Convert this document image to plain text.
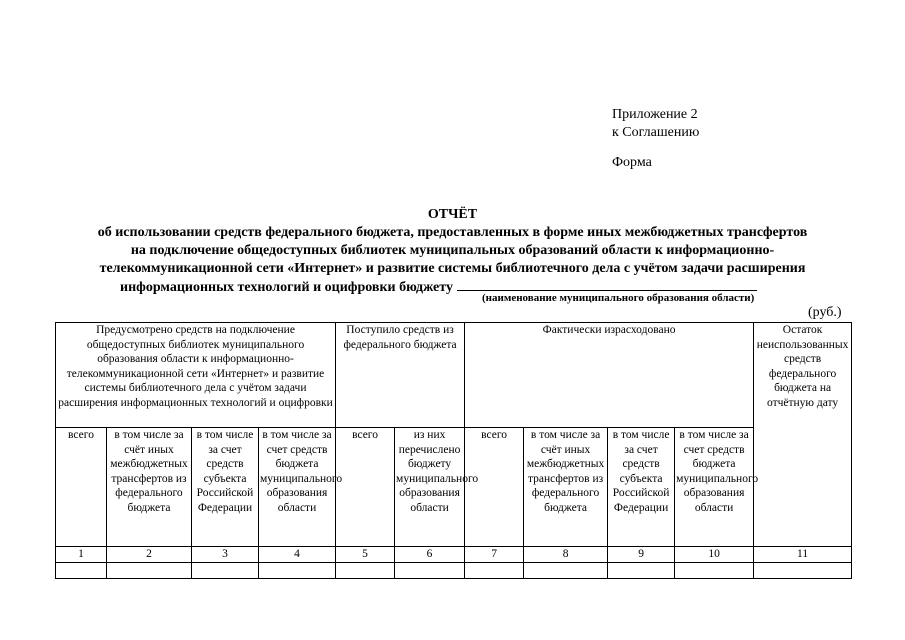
Приложение 2
к Соглашению
Форма
ОТЧЁТ
об использовании средств федерального бюджета, предоставленных в форме иных межбюджетных трансфертов
на подключение общедоступных библиотек муниципальных образований области к информационно-
телекоммуникационной сети «Интернет» и развитие системы библиотечного дела с учётом задачи расширения
информационных технологий и оцифровки бюджету
(наименование муниципального образования области)
(руб.)
Предусмотрено средств на подключение общедоступных библиотек муниципального образования области к информационно-телекоммуникационной сети «Интернет» и развитие системы библиотечного дела с учётом задачи расширения информационных технологий и оцифровки				Поступило средств из федерального бюджета		Фактически израсходовано				Остаток неиспользованных средств федерального бюджета на отчётную дату
всего	в том числе за счёт иных межбюджетных трансфертов из федерального бюджета	в том числе за счет средств субъекта Российской Федерации	в том числе за счет средств бюджета муниципального образования области	всего	из них перечислено бюджету муниципального образования области	всего	в том числе за счёт иных межбюджетных трансфертов из федерального бюджета	в том числе за счет средств субъекта Российской Федерации	в том числе за счет средств бюджета муниципального образования области	
1	2	3	4	5	6	7	8	9	10	11
